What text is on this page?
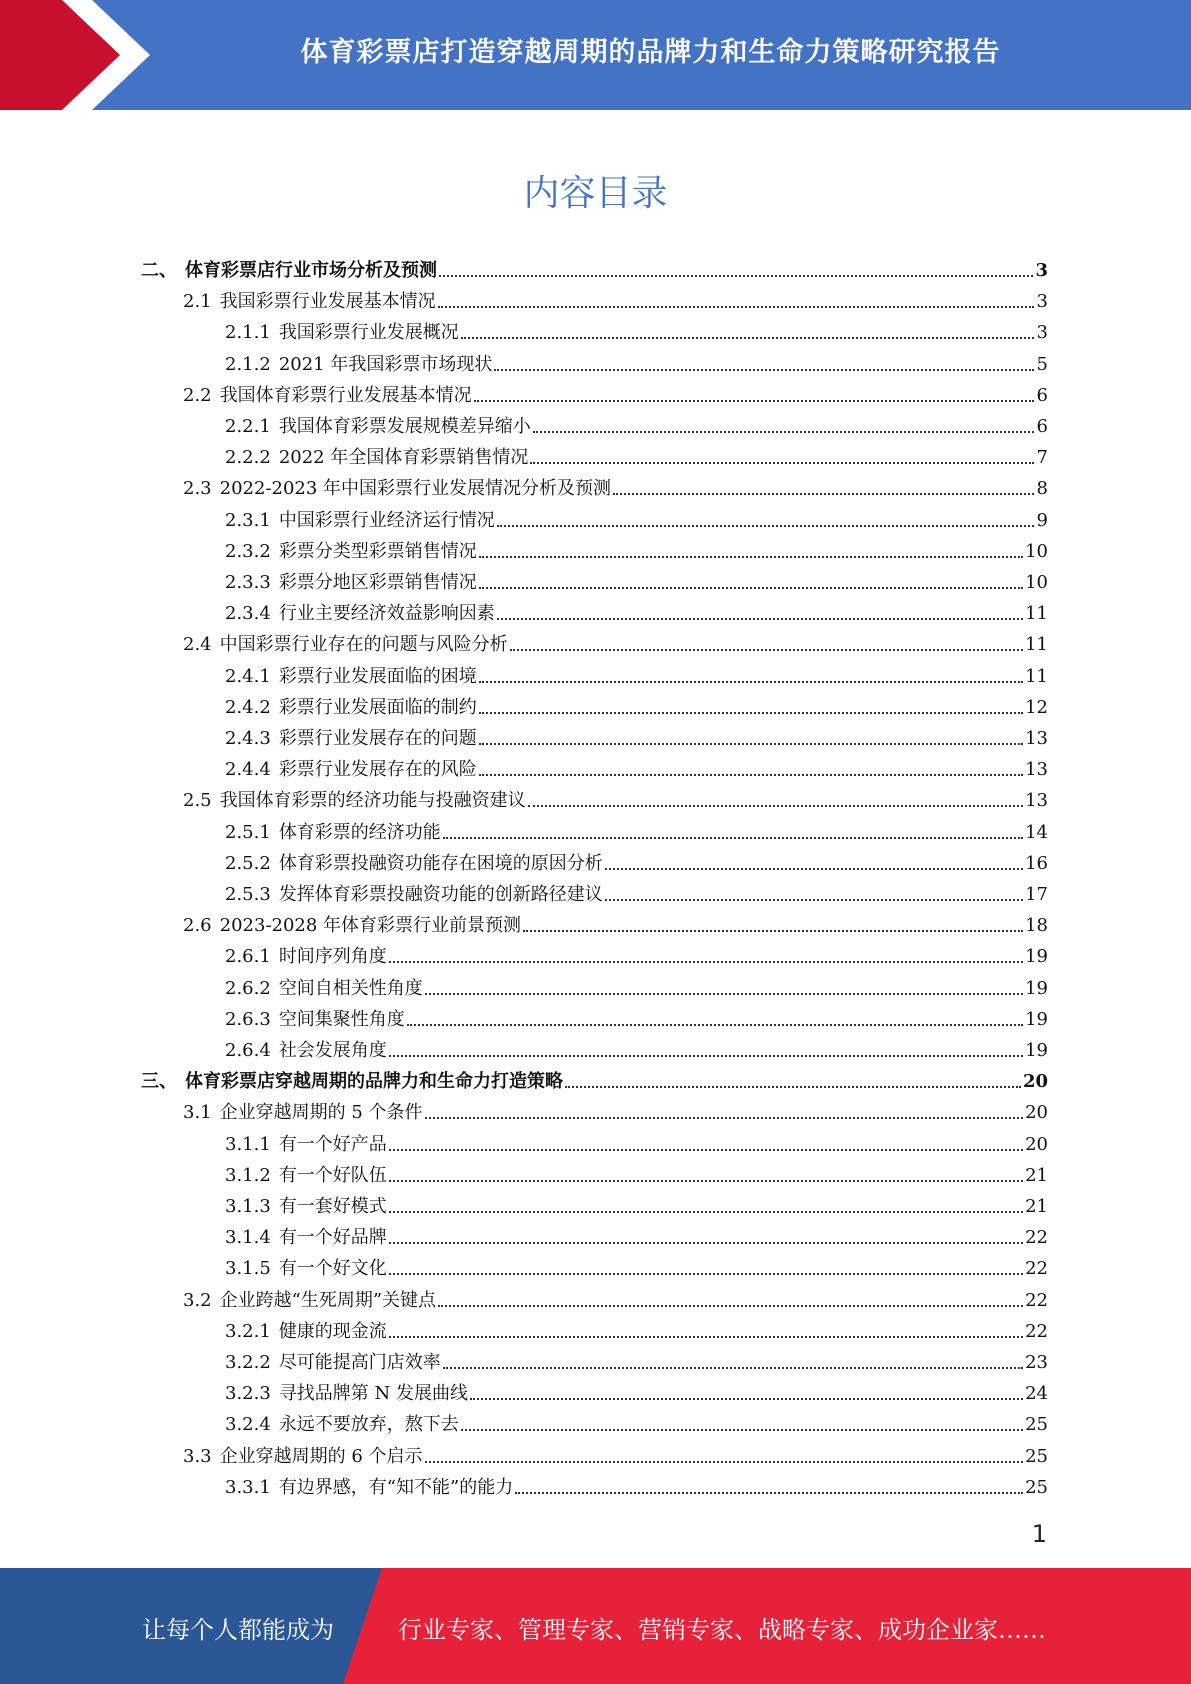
体育彩票店打造穿越周期的品牌力和生命力策略研究报告
内容目录
二、 体育彩票店行业市场分析及预测	3
2.1 我国彩票行业发展基本情况	3
2.1.1 我国彩票行业发展概况	3
2.1.2 2021 年我国彩票市场现状	5
2.2 我国体育彩票行业发展基本情况	6
2.2.1 我国体育彩票发展规模差异缩小	6
2.2.2 2022 年全国体育彩票销售情况	7
2.3 2022-2023 年中国彩票行业发展情况分析及预测	8
2.3.1 中国彩票行业经济运行情况	9
2.3.2 彩票分类型彩票销售情况	10
2.3.3 彩票分地区彩票销售情况	10
2.3.4 行业主要经济效益影响因素	11
2.4 中国彩票行业存在的问题与风险分析	11
2.4.1 彩票行业发展面临的困境	11
2.4.2 彩票行业发展面临的制约	12
2.4.3 彩票行业发展存在的问题	13
2.4.4 彩票行业发展存在的风险	13
2.5 我国体育彩票的经济功能与投融资建议	13
2.5.1 体育彩票的经济功能	14
2.5.2 体育彩票投融资功能存在困境的原因分析	16
2.5.3 发挥体育彩票投融资功能的创新路径建议	17
2.6 2023-2028 年体育彩票行业前景预测	18
2.6.1 时间序列角度	19
2.6.2 空间自相关性角度	19
2.6.3 空间集聚性角度	19
2.6.4 社会发展角度	19
三、 体育彩票店穿越周期的品牌力和生命力打造策略	20
3.1 企业穿越周期的 5 个条件	20
3.1.1 有一个好产品	20
3.1.2 有一个好队伍	21
3.1.3 有一套好模式	21
3.1.4 有一个好品牌	22
3.1.5 有一个好文化	22
3.2 企业跨越“生死周期”关键点	22
3.2.1 健康的现金流	22
3.2.2 尽可能提高门店效率	23
3.2.3 寻找品牌第 N 发展曲线	24
3.2.4 永远不要放弃，熬下去	25
3.3 企业穿越周期的 6 个启示	25
3.3.1 有边界感，有“知不能”的能力	25
1
让每个人都能成为	行业专家、管理专家、营销专家、战略专家、成功企业家……
